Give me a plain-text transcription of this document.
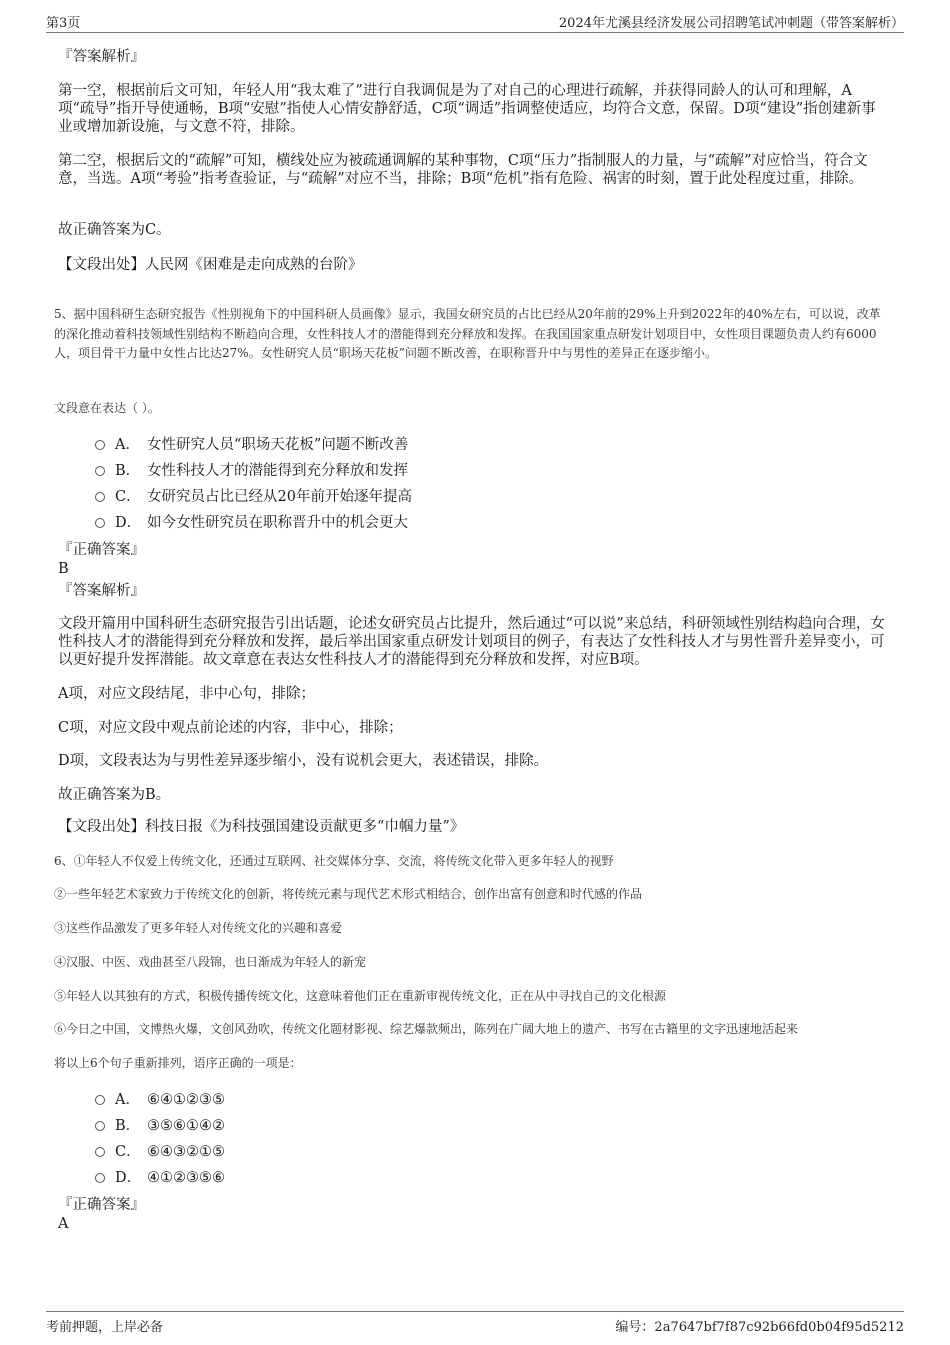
第3页	2024年尤溪县经济发展公司招聘笔试冲刺题（带答案解析）
『答案解析』
第一空，根据前后文可知，年轻人用“我太难了”进行自我调侃是为了对自己的心理进行疏解，并获得同龄人的认可和理解，A项“疏导”指开导使通畅，B项“安慰”指使人心情安静舒适，C项“调适”指调整使适应，均符合文意，保留。D项“建设”指创建新事业或增加新设施，与文意不符，排除。
第二空，根据后文的“疏解”可知，横线处应为被疏通调解的某种事物，C项“压力”指制服人的力量，与“疏解”对应恰当，符合文意，当选。A项“考验”指考查验证，与“疏解”对应不当，排除；B项“危机”指有危险、祸害的时刻，置于此处程度过重，排除。
故正确答案为C。
【文段出处】人民网《困难是走向成熟的台阶》
5、据中国科研生态研究报告《性别视角下的中国科研人员画像》显示，我国女研究员的占比已经从20年前的29%上升到2022年的40%左右，可以说，改革的深化推动着科技领域性别结构不断趋向合理，女性科技人才的潜能得到充分释放和发挥。在我国国家重点研发计划项目中，女性项目课题负责人约有6000人，项目骨干力量中女性占比达27%。女性研究人员“职场天花板”问题不断改善，在职称晋升中与男性的差异正在逐步缩小。
文段意在表达（ ）。
A． 女性研究人员“职场天花板”问题不断改善
B． 女性科技人才的潜能得到充分释放和发挥
C． 女研究员占比已经从20年前开始逐年提高
D． 如今女性研究员在职称晋升中的机会更大
『正确答案』
B
『答案解析』
文段开篇用中国科研生态研究报告引出话题，论述女研究员占比提升，然后通过“可以说”来总结，科研领域性别结构趋向合理，女性科技人才的潜能得到充分释放和发挥，最后举出国家重点研发计划项目的例子，有表达了女性科技人才与男性晋升差异变小，可以更好提升发挥潜能。故文章意在表达女性科技人才的潜能得到充分释放和发挥，对应B项。
A项，对应文段结尾，非中心句，排除；
C项，对应文段中观点前论述的内容，非中心，排除；
D项，文段表达为与男性差异逐步缩小，没有说机会更大，表述错误，排除。
故正确答案为B。
【文段出处】科技日报《为科技强国建设贡献更多“巾帼力量”》
6、①年轻人不仅爱上传统文化，还通过互联网、社交媒体分享、交流，将传统文化带入更多年轻人的视野
②一些年轻艺术家致力于传统文化的创新，将传统元素与现代艺术形式相结合，创作出富有创意和时代感的作品
③这些作品激发了更多年轻人对传统文化的兴趣和喜爱
④汉服、中医、戏曲甚至八段锦，也日渐成为年轻人的新宠
⑤年轻人以其独有的方式，积极传播传统文化，这意味着他们正在重新审视传统文化，正在从中寻找自己的文化根源
⑥今日之中国，文博热火爆，文创风劲吹，传统文化题材影视、综艺爆款频出，陈列在广阔大地上的遗产、书写在古籍里的文字迅速地活起来
将以上6个句子重新排列，语序正确的一项是：
A． ⑥④①②③⑤
B． ③⑤⑥①④②
C． ⑥④③②①⑤
D． ④①②③⑤⑥
『正确答案』
A
考前押题，上岸必备	编号：2a7647bf7f87c92b66fd0b04f95d5212
